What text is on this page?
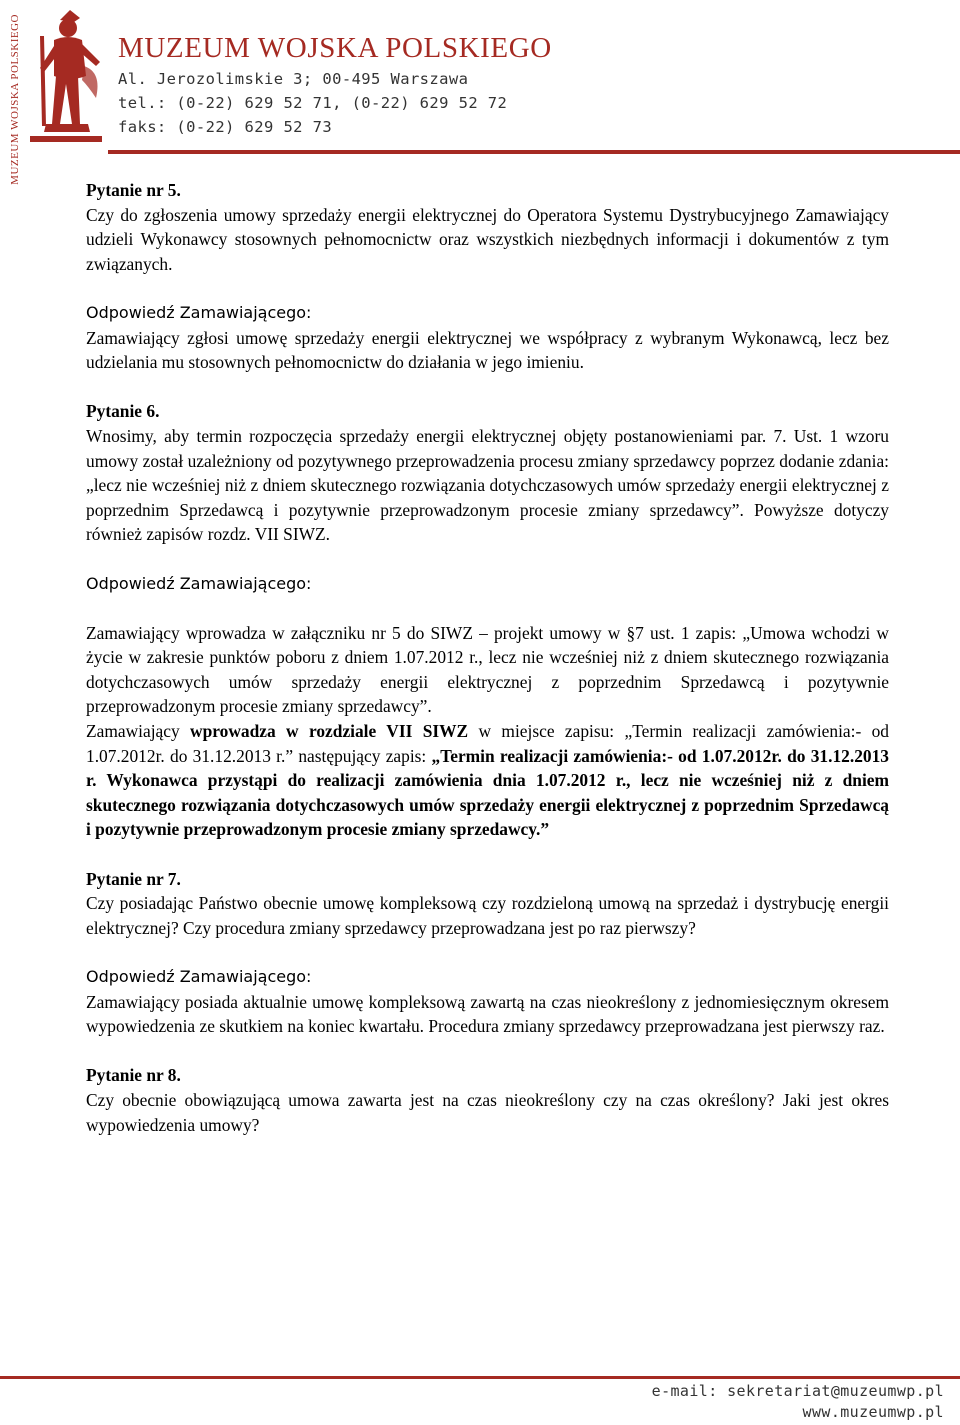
MUZEUM WOJSKA POLSKIEGO	MUZEUM WOJSKA POLSKIEGO
Al. Jerozolimskie 3; 00-495 Warszawa
tel.: (0-22) 629 52 71, (0-22) 629 52 72
faks: (0-22) 629 52 73

Pytanie nr 5.

Czy do zgłoszenia umowy sprzedaży energii elektrycznej do Operatora Systemu Dystrybucyjnego Zamawiający udzieli Wykonawcy stosownych pełnomocnictw oraz wszystkich niezbędnych informacji i dokumentów z tym związanych.

Odpowiedź Zamawiającego:

Zamawiający zgłosi umowę sprzedaży energii elektrycznej we współpracy z wybranym Wykonawcą, lecz bez udzielania mu stosownych pełnomocnictw do działania w jego imieniu.

Pytanie 6.

Wnosimy, aby termin rozpoczęcia sprzedaży energii elektrycznej objęty postanowieniami par. 7. Ust. 1 wzoru umowy został uzależniony od pozytywnego przeprowadzenia procesu zmiany sprzedawcy poprzez dodanie zdania: „lecz nie wcześniej niż z dniem skutecznego rozwiązania dotychczasowych umów sprzedaży energii elektrycznej z poprzednim Sprzedawcą i pozytywnie przeprowadzonym procesie zmiany sprzedawcy”. Powyższe dotyczy również zapisów rozdz. VII SIWZ.

Odpowiedź Zamawiającego:

Zamawiający wprowadza w załączniku nr 5 do SIWZ – projekt umowy w §7 ust. 1 zapis: „Umowa wchodzi w życie w zakresie punktów poboru z dniem 1.07.2012 r., lecz nie wcześniej niż z dniem skutecznego rozwiązania dotychczasowych umów sprzedaży energii elektrycznej z poprzednim Sprzedawcą i pozytywnie przeprowadzonym procesie zmiany sprzedawcy”.

Zamawiający wprowadza w rozdziale VII SIWZ w miejsce zapisu: „Termin realizacji zamówienia:- od 1.07.2012r. do 31.12.2013 r.” następujący zapis: „Termin realizacji zamówienia:- od 1.07.2012r. do 31.12.2013 r. Wykonawca przystąpi do realizacji zamówienia dnia 1.07.2012 r., lecz nie wcześniej niż z dniem skutecznego rozwiązania dotychczasowych umów sprzedaży energii elektrycznej z poprzednim Sprzedawcą i pozytywnie przeprowadzonym procesie zmiany sprzedawcy.”

Pytanie nr 7.

Czy posiadając Państwo obecnie umowę kompleksową czy rozdzieloną umową na sprzedaż i dystrybucję energii elektrycznej? Czy procedura zmiany sprzedawcy przeprowadzana jest po raz pierwszy?

Odpowiedź Zamawiającego:

Zamawiający posiada aktualnie umowę kompleksową zawartą na czas nieokreślony z jednomiesięcznym okresem wypowiedzenia ze skutkiem na koniec kwartału. Procedura zmiany sprzedawcy przeprowadzana jest pierwszy raz.

Pytanie nr 8.

Czy obecnie obowiązującą umowa zawarta jest na czas nieokreślony czy na czas określony? Jaki jest okres wypowiedzenia umowy?

e-mail: sekretariat@muzeumwp.pl
www.muzeumwp.pl
